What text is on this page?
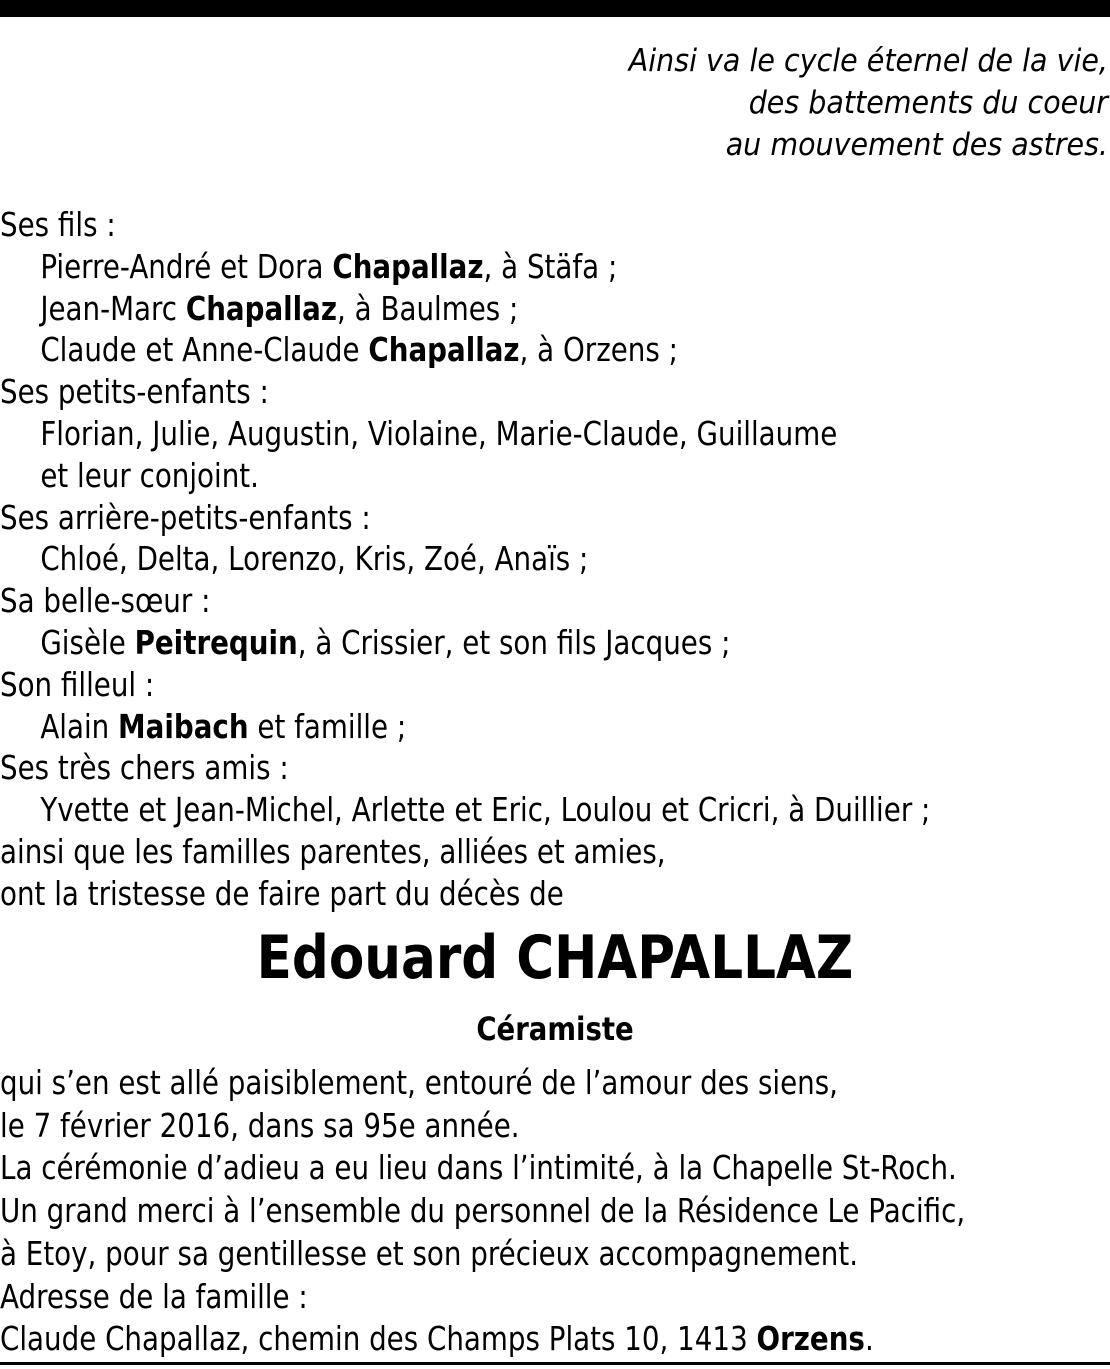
Ainsi va le cycle éternel de la vie,
des battements du coeur
au mouvement des astres.
Ses fils :
Pierre-André et Dora Chapallaz, à Stäfa ;
Jean-Marc Chapallaz, à Baulmes ;
Claude et Anne-Claude Chapallaz, à Orzens ;
Ses petits-enfants :
Florian, Julie, Augustin, Violaine, Marie-Claude, Guillaume
et leur conjoint.
Ses arrière-petits-enfants :
Chloé, Delta, Lorenzo, Kris, Zoé, Anaïs ;
Sa belle-sœur :
Gisèle Peitrequin, à Crissier, et son fils Jacques ;
Son filleul :
Alain Maibach et famille ;
Ses très chers amis :
Yvette et Jean-Michel, Arlette et Eric, Loulou et Cricri, à Duillier ;
ainsi que les familles parentes, alliées et amies,
ont la tristesse de faire part du décès de
Edouard CHAPALLAZ
Céramiste
qui s’en est allé paisiblement, entouré de l’amour des siens,
le 7 février 2016, dans sa 95e année.
La cérémonie d’adieu a eu lieu dans l’intimité, à la Chapelle St-Roch.
Un grand merci à l’ensemble du personnel de la Résidence Le Pacific,
à Etoy, pour sa gentillesse et son précieux accompagnement.
Adresse de la famille :
Claude Chapallaz, chemin des Champs Plats 10, 1413 Orzens.
